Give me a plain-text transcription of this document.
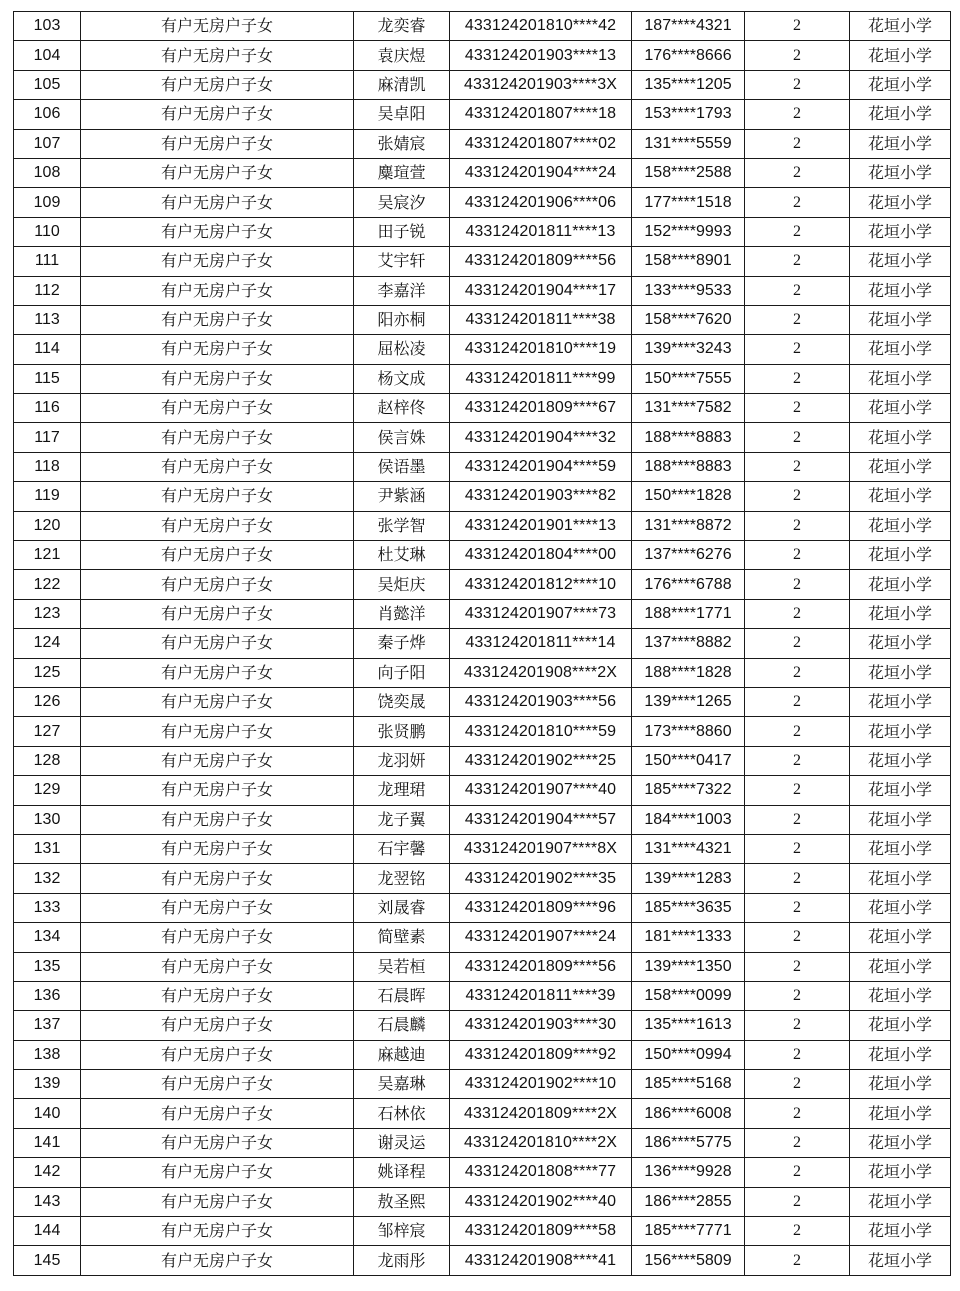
103	有户无房户子女	龙奕睿	433124201810****42	187****4321	2	花垣小学
104	有户无房户子女	袁庆煜	433124201903****13	176****8666	2	花垣小学
105	有户无房户子女	麻清凯	433124201903****3X	135****1205	2	花垣小学
106	有户无房户子女	吴卓阳	433124201807****18	153****1793	2	花垣小学
107	有户无房户子女	张婧宸	433124201807****02	131****5559	2	花垣小学
108	有户无房户子女	麋瑄萱	433124201904****24	158****2588	2	花垣小学
109	有户无房户子女	吴宸汐	433124201906****06	177****1518	2	花垣小学
110	有户无房户子女	田子锐	433124201811****13	152****9993	2	花垣小学
111	有户无房户子女	艾宇轩	433124201809****56	158****8901	2	花垣小学
112	有户无房户子女	李嘉洋	433124201904****17	133****9533	2	花垣小学
113	有户无房户子女	阳亦桐	433124201811****38	158****7620	2	花垣小学
114	有户无房户子女	屈松凌	433124201810****19	139****3243	2	花垣小学
115	有户无房户子女	杨文成	433124201811****99	150****7555	2	花垣小学
116	有户无房户子女	赵梓佟	433124201809****67	131****7582	2	花垣小学
117	有户无房户子女	侯言姝	433124201904****32	188****8883	2	花垣小学
118	有户无房户子女	侯语墨	433124201904****59	188****8883	2	花垣小学
119	有户无房户子女	尹紫涵	433124201903****82	150****1828	2	花垣小学
120	有户无房户子女	张学智	433124201901****13	131****8872	2	花垣小学
121	有户无房户子女	杜艾琳	433124201804****00	137****6276	2	花垣小学
122	有户无房户子女	吴炬庆	433124201812****10	176****6788	2	花垣小学
123	有户无房户子女	肖懿洋	433124201907****73	188****1771	2	花垣小学
124	有户无房户子女	秦子烨	433124201811****14	137****8882	2	花垣小学
125	有户无房户子女	向子阳	433124201908****2X	188****1828	2	花垣小学
126	有户无房户子女	饶奕晟	433124201903****56	139****1265	2	花垣小学
127	有户无房户子女	张贤鹏	433124201810****59	173****8860	2	花垣小学
128	有户无房户子女	龙羽妍	433124201902****25	150****0417	2	花垣小学
129	有户无房户子女	龙理珺	433124201907****40	185****7322	2	花垣小学
130	有户无房户子女	龙子翼	433124201904****57	184****1003	2	花垣小学
131	有户无房户子女	石宇馨	433124201907****8X	131****4321	2	花垣小学
132	有户无房户子女	龙翌铭	433124201902****35	139****1283	2	花垣小学
133	有户无房户子女	刘晟睿	433124201809****96	185****3635	2	花垣小学
134	有户无房户子女	简壁素	433124201907****24	181****1333	2	花垣小学
135	有户无房户子女	吴若桓	433124201809****56	139****1350	2	花垣小学
136	有户无房户子女	石晨晖	433124201811****39	158****0099	2	花垣小学
137	有户无房户子女	石晨麟	433124201903****30	135****1613	2	花垣小学
138	有户无房户子女	麻越迪	433124201809****92	150****0994	2	花垣小学
139	有户无房户子女	吴嘉琳	433124201902****10	185****5168	2	花垣小学
140	有户无房户子女	石林依	433124201809****2X	186****6008	2	花垣小学
141	有户无房户子女	谢灵运	433124201810****2X	186****5775	2	花垣小学
142	有户无房户子女	姚译程	433124201808****77	136****9928	2	花垣小学
143	有户无房户子女	敖圣熙	433124201902****40	186****2855	2	花垣小学
144	有户无房户子女	邹梓宸	433124201809****58	185****7771	2	花垣小学
145	有户无房户子女	龙雨彤	433124201908****41	156****5809	2	花垣小学
